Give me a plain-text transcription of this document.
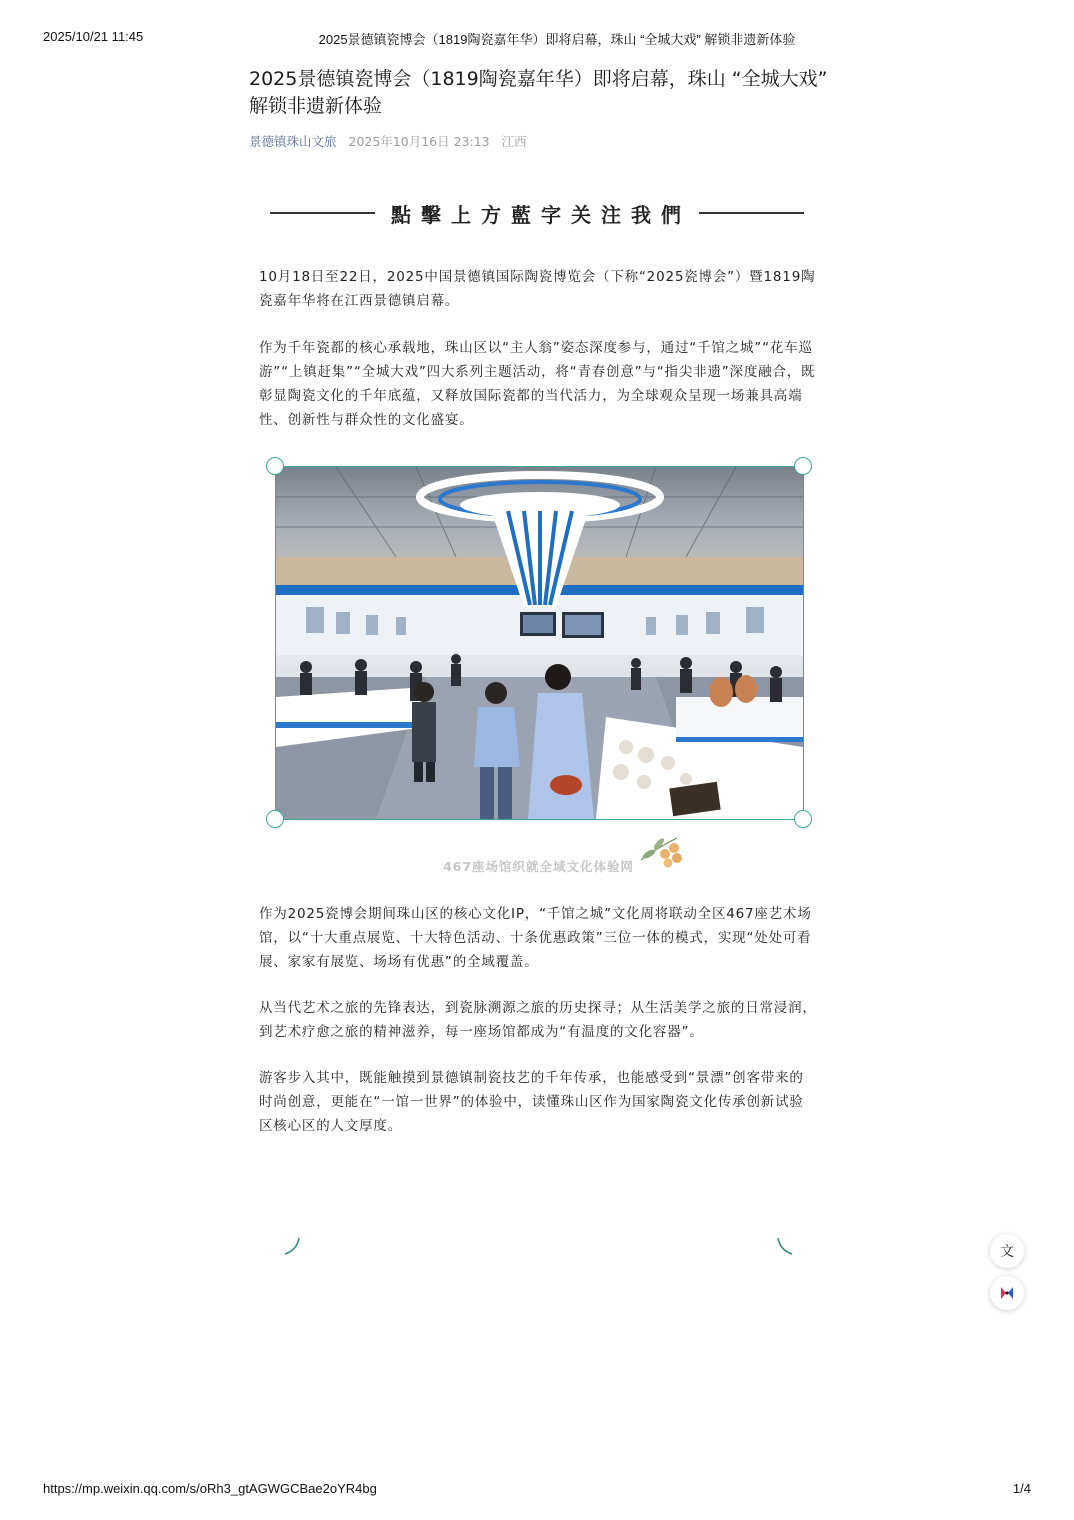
2025/10/21 11:45	2025景德镇瓷博会（1819陶瓷嘉年华）即将启幕，珠山 “全城大戏” 解锁非遗新体验
2025景德镇瓷博会（1819陶瓷嘉年华）即将启幕，珠山 “全城大戏” 解锁非遗新体验
景德镇珠山文旅 2025年10月16日 23:13 江西
點擊上方藍字关注我們

10月18日至22日，2025中国景德镇国际陶瓷博览会（下称“2025瓷博会”）暨1819陶瓷嘉年华将在江西景德镇启幕。

作为千年瓷都的核心承载地，珠山区以“主人翁”姿态深度参与，通过“千馆之城”“花车巡游”“上镇赶集”“全城大戏”四大系列主题活动，将“青春创意”与“指尖非遗”深度融合，既彰显陶瓷文化的千年底蕴，又释放国际瓷都的当代活力，为全球观众呈现一场兼具高端性、创新性与群众性的文化盛宴。

467座场馆织就全域文化体验网

作为2025瓷博会期间珠山区的核心文化IP，“千馆之城”文化周将联动全区467座艺术场馆，以“十大重点展览、十大特色活动、十条优惠政策”三位一体的模式，实现“处处可看展、家家有展览、场场有优惠”的全域覆盖。

从当代艺术之旅的先锋表达，到瓷脉溯源之旅的历史探寻；从生活美学之旅的日常浸润，到艺术疗愈之旅的精神滋养，每一座场馆都成为“有温度的文化容器”。

游客步入其中，既能触摸到景德镇制瓷技艺的千年传承，也能感受到“景漂”创客带来的时尚创意，更能在“一馆一世界”的体验中，读懂珠山区作为国家陶瓷文化传承创新试验区核心区的人文厚度。

文
https://mp.weixin.qq.com/s/oRh3_gtAGWGCBae2oYR4bg	1/4
